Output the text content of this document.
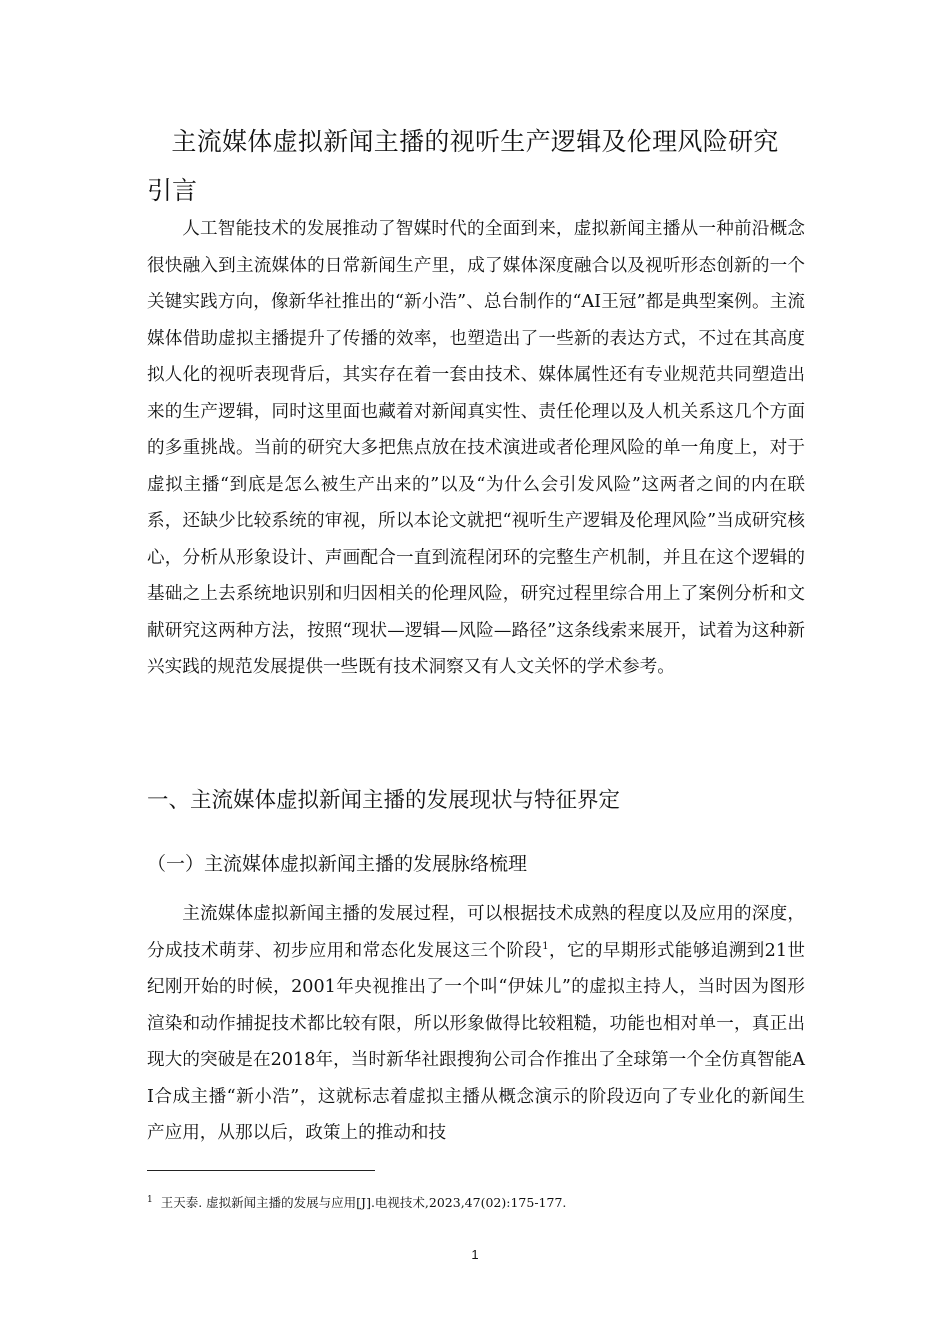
主流媒体虚拟新闻主播的视听生产逻辑及伦理风险研究
引言

人工智能技术的发展推动了智媒时代的全面到来，虚拟新闻主播从一种前沿概念很快融入到主流媒体的日常新闻生产里，成了媒体深度融合以及视听形态创新的一个关键实践方向，像新华社推出的“新小浩”、总台制作的“AI王冠”都是典型案例。主流媒体借助虚拟主播提升了传播的效率，也塑造出了一些新的表达方式，不过在其高度拟人化的视听表现背后，其实存在着一套由技术、媒体属性还有专业规范共同塑造出来的生产逻辑，同时这里面也藏着对新闻真实性、责任伦理以及人机关系这几个方面的多重挑战。当前的研究大多把焦点放在技术演进或者伦理风险的单一角度上，对于虚拟主播“到底是怎么被生产出来的”以及“为什么会引发风险”这两者之间的内在联系，还缺少比较系统的审视，所以本论文就把“视听生产逻辑及伦理风险”当成研究核心，分析从形象设计、声画配合一直到流程闭环的完整生产机制，并且在这个逻辑的基础之上去系统地识别和归因相关的伦理风险，研究过程里综合用上了案例分析和文献研究这两种方法，按照“现状—逻辑—风险—路径”这条线索来展开，试着为这种新兴实践的规范发展提供一些既有技术洞察又有人文关怀的学术参考。

一、主流媒体虚拟新闻主播的发展现状与特征界定
（一）主流媒体虚拟新闻主播的发展脉络梳理

主流媒体虚拟新闻主播的发展过程，可以根据技术成熟的程度以及应用的深度，分成技术萌芽、初步应用和常态化发展这三个阶段$^1$，它的早期形式能够追溯到21世纪刚开始的时候，2001年央视推出了一个叫“伊妹儿”的虚拟主持人，当时因为图形渲染和动作捕捉技术都比较有限，所以形象做得比较粗糙，功能也相对单一，真正出现大的突破是在2018年，当时新华社跟搜狗公司合作推出了全球第一个全仿真智能AI合成主播“新小浩”，这就标志着虚拟主播从概念演示的阶段迈向了专业化的新闻生产应用，从那以后，政策上的推动和技

$^1$ 王天泰. 虚拟新闻主播的发展与应用[J].电视技术,2023,47(02):175-177.
1
